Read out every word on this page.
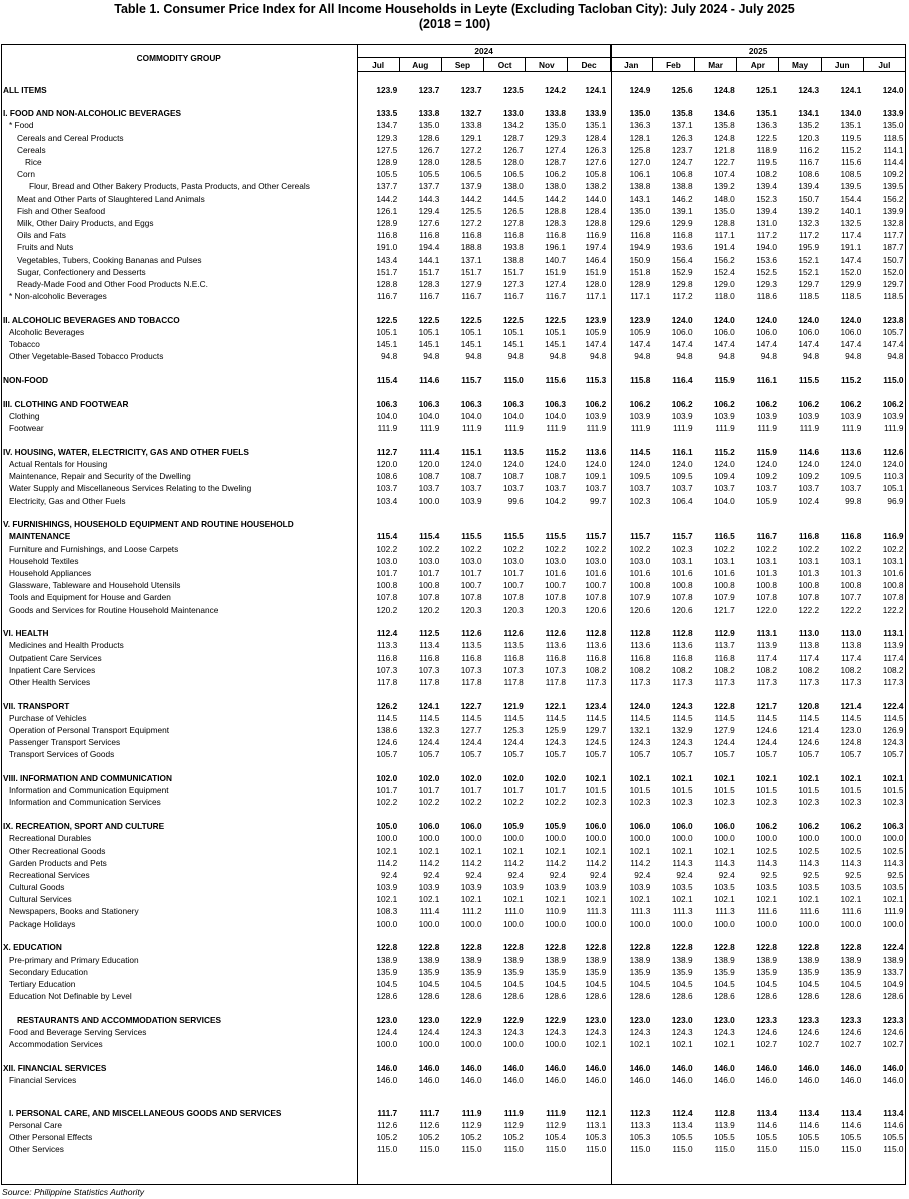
Table 1. Consumer Price Index for All Income Households in Leyte (Excluding Tacloban City): July 2024 - July 2025
(2018 = 100)
COMMODITY GROUP	2024						2025						
	Jul	Aug	Sep	Oct	Nov	Dec	Jan	Feb	Mar	Apr	May	Jun	Jul

ALL ITEMS	123.9	123.7	123.7	123.5	124.2	124.1	124.9	125.6	124.8	125.1	124.3	124.1	124.0

I. FOOD AND NON-ALCOHOLIC BEVERAGES	133.5	133.8	132.7	133.0	133.8	133.9	135.0	135.8	134.6	135.1	134.1	134.0	133.9
* Food	134.7	135.0	133.8	134.2	135.0	135.1	136.3	137.1	135.8	136.3	135.2	135.1	135.0
Cereals and Cereal Products	129.3	128.6	129.1	128.7	129.3	128.4	128.1	126.3	124.8	122.5	120.3	119.5	118.5
Cereals	127.5	126.7	127.2	126.7	127.4	126.3	125.8	123.7	121.8	118.9	116.2	115.2	114.1
Rice	128.9	128.0	128.5	128.0	128.7	127.6	127.0	124.7	122.7	119.5	116.7	115.6	114.4
Corn	105.5	105.5	106.5	106.5	106.2	105.8	106.1	106.8	107.4	108.2	108.6	108.5	109.2
Flour, Bread and Other Bakery Products, Pasta Products, and Other Cereals	137.7	137.7	137.9	138.0	138.0	138.2	138.8	138.8	139.2	139.4	139.4	139.5	139.5
Meat and Other Parts of Slaughtered Land Animals	144.2	144.3	144.2	144.5	144.2	144.0	143.1	146.2	148.0	152.3	150.7	154.4	156.2
Fish and Other Seafood	126.1	129.4	125.5	126.5	128.8	128.4	135.0	139.1	135.0	139.4	139.2	140.1	139.9
Milk, Other Dairy Products, and Eggs	128.9	127.6	127.2	127.8	128.3	128.8	129.6	129.9	128.8	131.0	132.3	132.5	132.8
Oils and Fats	116.8	116.8	116.8	116.8	116.8	116.9	116.8	116.8	117.1	117.2	117.2	117.4	117.7
Fruits and Nuts	191.0	194.4	188.8	193.8	196.1	197.4	194.9	193.6	191.4	194.0	195.9	191.1	187.7
Vegetables, Tubers, Cooking Bananas and Pulses	143.4	144.1	137.1	138.8	140.7	146.4	150.9	156.4	156.2	153.6	152.1	147.4	150.7
Sugar, Confectionery and Desserts	151.7	151.7	151.7	151.7	151.9	151.9	151.8	152.9	152.4	152.5	152.1	152.0	152.0
Ready-Made Food and Other Food Products N.E.C.	128.8	128.3	127.9	127.3	127.4	128.0	128.9	129.8	129.0	129.3	129.7	129.9	129.7
* Non-alcoholic Beverages	116.7	116.7	116.7	116.7	116.7	117.1	117.1	117.2	118.0	118.6	118.5	118.5	118.5

II. ALCOHOLIC BEVERAGES AND TOBACCO	122.5	122.5	122.5	122.5	122.5	123.9	123.9	124.0	124.0	124.0	124.0	124.0	123.8
Alcoholic Beverages	105.1	105.1	105.1	105.1	105.1	105.9	105.9	106.0	106.0	106.0	106.0	106.0	105.7
Tobacco	145.1	145.1	145.1	145.1	145.1	147.4	147.4	147.4	147.4	147.4	147.4	147.4	147.4
Other Vegetable-Based Tobacco Products	94.8	94.8	94.8	94.8	94.8	94.8	94.8	94.8	94.8	94.8	94.8	94.8	94.8

NON-FOOD	115.4	114.6	115.7	115.0	115.6	115.3	115.8	116.4	115.9	116.1	115.5	115.2	115.0

III. CLOTHING AND FOOTWEAR	106.3	106.3	106.3	106.3	106.3	106.2	106.2	106.2	106.2	106.2	106.2	106.2	106.2
Clothing	104.0	104.0	104.0	104.0	104.0	103.9	103.9	103.9	103.9	103.9	103.9	103.9	103.9
Footwear	111.9	111.9	111.9	111.9	111.9	111.9	111.9	111.9	111.9	111.9	111.9	111.9	111.9

IV. HOUSING, WATER, ELECTRICITY, GAS AND OTHER FUELS	112.7	111.4	115.1	113.5	115.2	113.6	114.5	116.1	115.2	115.9	114.6	113.6	112.6
Actual Rentals for Housing	120.0	120.0	124.0	124.0	124.0	124.0	124.0	124.0	124.0	124.0	124.0	124.0	124.0
Maintenance, Repair and Security of the Dwelling	108.6	108.7	108.7	108.7	108.7	109.1	109.5	109.5	109.4	109.2	109.2	109.5	110.3
Water Supply and Miscellaneous Services Relating to the Dweling	103.7	103.7	103.7	103.7	103.7	103.7	103.7	103.7	103.7	103.7	103.7	103.7	105.1
Electricity, Gas and Other Fuels	103.4	100.0	103.9	99.6	104.2	99.7	102.3	106.4	104.0	105.9	102.4	99.8	96.9

V. FURNISHINGS, HOUSEHOLD EQUIPMENT AND ROUTINE HOUSEHOLD													
MAINTENANCE	115.4	115.4	115.5	115.5	115.5	115.7	115.7	115.7	116.5	116.7	116.8	116.8	116.9
Furniture and Furnishings, and Loose Carpets	102.2	102.2	102.2	102.2	102.2	102.2	102.2	102.3	102.2	102.2	102.2	102.2	102.2
Household Textiles	103.0	103.0	103.0	103.0	103.0	103.0	103.0	103.1	103.1	103.1	103.1	103.1	103.1
Household Appliances	101.7	101.7	101.7	101.7	101.6	101.6	101.6	101.6	101.6	101.3	101.3	101.3	101.6
Glassware, Tableware and Household Utensils	100.8	100.8	100.7	100.7	100.7	100.7	100.8	100.8	100.8	100.8	100.8	100.8	100.8
Tools and Equipment for House and Garden	107.8	107.8	107.8	107.8	107.8	107.8	107.9	107.8	107.9	107.8	107.8	107.7	107.8
Goods and Services for Routine Household Maintenance	120.2	120.2	120.3	120.3	120.3	120.6	120.6	120.6	121.7	122.0	122.2	122.2	122.2

VI. HEALTH	112.4	112.5	112.6	112.6	112.6	112.8	112.8	112.8	112.9	113.1	113.0	113.0	113.1
Medicines and Health Products	113.3	113.4	113.5	113.5	113.6	113.6	113.6	113.6	113.7	113.9	113.8	113.8	113.9
Outpatient Care Services	116.8	116.8	116.8	116.8	116.8	116.8	116.8	116.8	116.8	117.4	117.4	117.4	117.4
Inpatient Care Services	107.3	107.3	107.3	107.3	107.3	108.2	108.2	108.2	108.2	108.2	108.2	108.2	108.2
Other Health Services	117.8	117.8	117.8	117.8	117.8	117.3	117.3	117.3	117.3	117.3	117.3	117.3	117.3

VII. TRANSPORT	126.2	124.1	122.7	121.9	122.1	123.4	124.0	124.3	122.8	121.7	120.8	121.4	122.4
Purchase of Vehicles	114.5	114.5	114.5	114.5	114.5	114.5	114.5	114.5	114.5	114.5	114.5	114.5	114.5
Operation of Personal Transport Equipment	138.6	132.3	127.7	125.3	125.9	129.7	132.1	132.9	127.9	124.6	121.4	123.0	126.9
Passenger Transport Services	124.6	124.4	124.4	124.4	124.3	124.5	124.3	124.3	124.4	124.4	124.6	124.8	124.3
Transport Services of Goods	105.7	105.7	105.7	105.7	105.7	105.7	105.7	105.7	105.7	105.7	105.7	105.7	105.7

VIII. INFORMATION AND COMMUNICATION	102.0	102.0	102.0	102.0	102.0	102.1	102.1	102.1	102.1	102.1	102.1	102.1	102.1
Information and Communication Equipment	101.7	101.7	101.7	101.7	101.7	101.5	101.5	101.5	101.5	101.5	101.5	101.5	101.5
Information and Communication Services	102.2	102.2	102.2	102.2	102.2	102.3	102.3	102.3	102.3	102.3	102.3	102.3	102.3

IX. RECREATION, SPORT AND CULTURE	105.0	106.0	106.0	105.9	105.9	106.0	106.0	106.0	106.0	106.2	106.2	106.2	106.3
Recreational Durables	100.0	100.0	100.0	100.0	100.0	100.0	100.0	100.0	100.0	100.0	100.0	100.0	100.0
Other Recreational Goods	102.1	102.1	102.1	102.1	102.1	102.1	102.1	102.1	102.1	102.5	102.5	102.5	102.5
Garden Products and Pets	114.2	114.2	114.2	114.2	114.2	114.2	114.2	114.3	114.3	114.3	114.3	114.3	114.3
Recreational Services	92.4	92.4	92.4	92.4	92.4	92.4	92.4	92.4	92.4	92.5	92.5	92.5	92.5
Cultural Goods	103.9	103.9	103.9	103.9	103.9	103.9	103.9	103.5	103.5	103.5	103.5	103.5	103.5
Cultural Services	102.1	102.1	102.1	102.1	102.1	102.1	102.1	102.1	102.1	102.1	102.1	102.1	102.1
Newspapers, Books and Stationery	108.3	111.4	111.2	111.0	110.9	111.3	111.3	111.3	111.3	111.6	111.6	111.6	111.9
Package Holidays	100.0	100.0	100.0	100.0	100.0	100.0	100.0	100.0	100.0	100.0	100.0	100.0	100.0

X. EDUCATION	122.8	122.8	122.8	122.8	122.8	122.8	122.8	122.8	122.8	122.8	122.8	122.8	122.4
Pre-primary and Primary Education	138.9	138.9	138.9	138.9	138.9	138.9	138.9	138.9	138.9	138.9	138.9	138.9	138.9
Secondary Education	135.9	135.9	135.9	135.9	135.9	135.9	135.9	135.9	135.9	135.9	135.9	135.9	133.7
Tertiary Education	104.5	104.5	104.5	104.5	104.5	104.5	104.5	104.5	104.5	104.5	104.5	104.5	104.9
Education Not Definable by Level	128.6	128.6	128.6	128.6	128.6	128.6	128.6	128.6	128.6	128.6	128.6	128.6	128.6

RESTAURANTS AND ACCOMMODATION SERVICES	123.0	123.0	122.9	122.9	122.9	123.0	123.0	123.0	123.0	123.3	123.3	123.3	123.3
Food and Beverage Serving Services	124.4	124.4	124.3	124.3	124.3	124.3	124.3	124.3	124.3	124.6	124.6	124.6	124.6
Accommodation Services	100.0	100.0	100.0	100.0	100.0	102.1	102.1	102.1	102.1	102.7	102.7	102.7	102.7

XII. FINANCIAL SERVICES	146.0	146.0	146.0	146.0	146.0	146.0	146.0	146.0	146.0	146.0	146.0	146.0	146.0
Financial Services	146.0	146.0	146.0	146.0	146.0	146.0	146.0	146.0	146.0	146.0	146.0	146.0	146.0

I. PERSONAL CARE, AND MISCELLANEOUS GOODS AND SERVICES	111.7	111.7	111.9	111.9	111.9	112.1	112.3	112.4	112.8	113.4	113.4	113.4	113.4
Personal Care	112.6	112.6	112.9	112.9	112.9	113.1	113.3	113.4	113.9	114.6	114.6	114.6	114.6
Other Personal Effects	105.2	105.2	105.2	105.2	105.4	105.3	105.3	105.5	105.5	105.5	105.5	105.5	105.5
Other Services	115.0	115.0	115.0	115.0	115.0	115.0	115.0	115.0	115.0	115.0	115.0	115.0	115.0
Source: Philippine Statistics Authority
